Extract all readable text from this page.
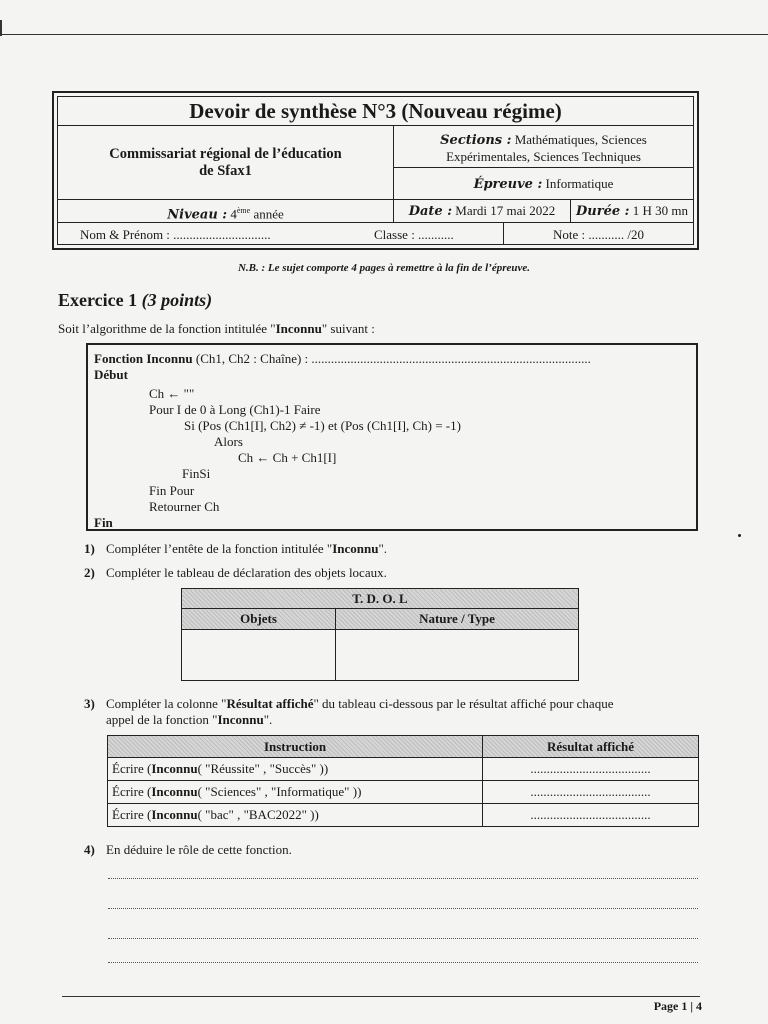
Devoir de synthèse N°3 (Nouveau régime)
Commissariat régional de l’éducation
de Sfax1
Sections : Mathématiques, Sciences
Expérimentales, Sciences Techniques
Épreuve : Informatique
Niveau : 4ème année	Date : Mardi 17 mai 2022	Durée : 1 H 30 mn
Nom & Prénom : ..............................	Classe : ...........	Note : ........... /20
N.B. : Le sujet comporte 4 pages à remettre à la fin de l’épreuve.
Exercice 1 (3 points)
Soit l’algorithme de la fonction intitulée "Inconnu" suivant :
Fonction Inconnu (Ch1, Ch2 : Chaîne) : ......................................................................................
Début
Ch ← ""
Pour I de 0 à Long (Ch1)-1 Faire
Si (Pos (Ch1[I], Ch2) ≠ -1) et (Pos (Ch1[I], Ch) = -1)
Alors
Ch ← Ch + Ch1[I]
FinSi
Fin Pour
Retourner Ch
Fin
1) Compléter l’entête de la fonction intitulée "Inconnu".
2) Compléter le tableau de déclaration des objets locaux.
T. D. O. L	
Objets	Nature / Type

3) Compléter la colonne "Résultat affiché" du tableau ci-dessous par le résultat affiché pour chaque
appel de la fonction "Inconnu".
Instruction	Résultat affiché
Écrire (Inconnu( "Réussite" , "Succès" ))	.....................................
Écrire (Inconnu( "Sciences" , "Informatique" ))	.....................................
Écrire (Inconnu( "bac" , "BAC2022" ))	.....................................
4) En déduire le rôle de cette fonction.
Page 1 | 4
